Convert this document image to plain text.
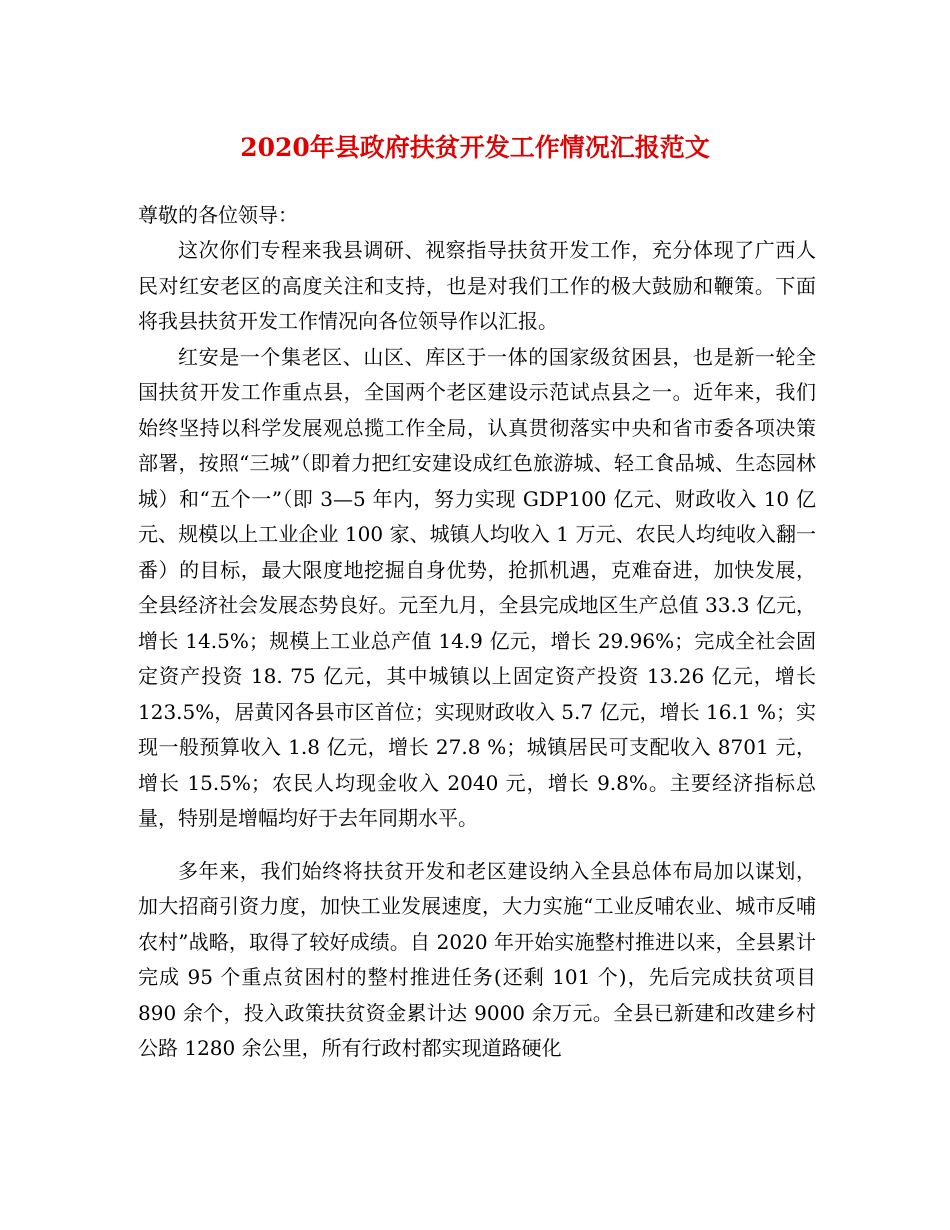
2020年县政府扶贫开发工作情况汇报范文

尊敬的各位领导：

这次你们专程来我县调研、视察指导扶贫开发工作，充分体现了广西人民对红安老区的高度关注和支持，也是对我们工作的极大鼓励和鞭策。下面将我县扶贫开发工作情况向各位领导作以汇报。

红安是一个集老区、山区、库区于一体的国家级贫困县，也是新一轮全国扶贫开发工作重点县，全国两个老区建设示范试点县之一。近年来，我们始终坚持以科学发展观总揽工作全局，认真贯彻落实中央和省市委各项决策部署，按照“三城”（即着力把红安建设成红色旅游城、轻工食品城、生态园林城）和“五个一”（即 3—5 年内，努力实现 GDP100 亿元、财政收入 10 亿元、规模以上工业企业 100 家、城镇人均收入 1 万元、农民人均纯收入翻一番）的目标，最大限度地挖掘自身优势，抢抓机遇，克难奋进，加快发展，全县经济社会发展态势良好。元至九月，全县完成地区生产总值 33.3 亿元，增长 14.5%；规模上工业总产值 14.9 亿元，增长 29.96%；完成全社会固定资产投资 18. 75 亿元，其中城镇以上固定资产投资 13.26 亿元，增长 123.5%，居黄冈各县市区首位；实现财政收入 5.7 亿元，增长 16.1 %；实现一般预算收入 1.8 亿元，增长 27.8 %；城镇居民可支配收入 8701 元，增长 15.5%；农民人均现金收入 2040 元，增长 9.8%。主要经济指标总量，特别是增幅均好于去年同期水平。

多年来，我们始终将扶贫开发和老区建设纳入全县总体布局加以谋划，加大招商引资力度，加快工业发展速度，大力实施“工业反哺农业、城市反哺农村”战略，取得了较好成绩。自 2020 年开始实施整村推进以来，全县累计完成 95 个重点贫困村的整村推进任务(还剩 101 个)，先后完成扶贫项目 890 余个，投入政策扶贫资金累计达 9000 余万元。全县已新建和改建乡村公路 1280 余公里，所有行政村都实现道路硬化
